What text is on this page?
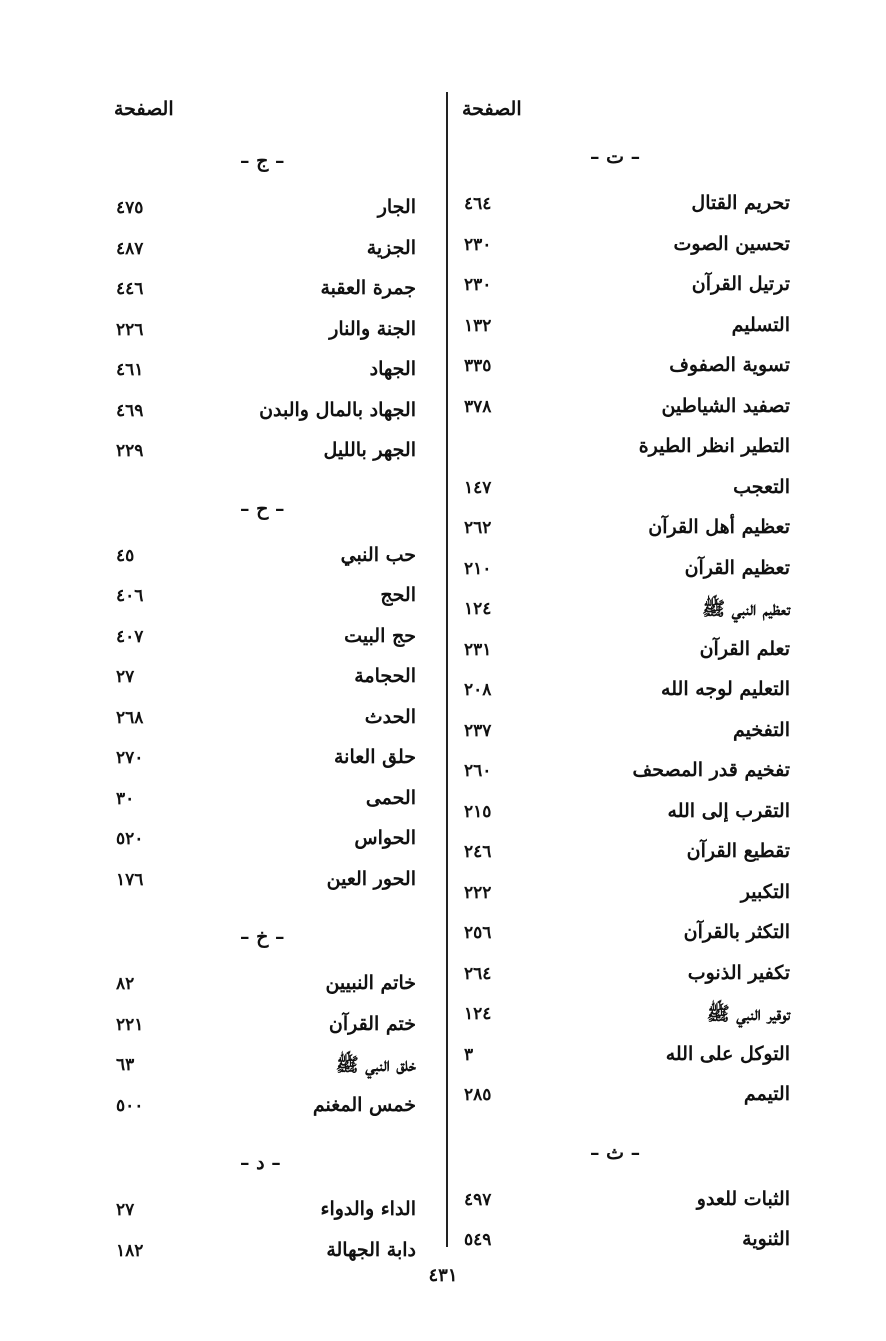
الصفحة
– ت –
تحريم القتال
٤٦٤
تحسين الصوت
٢٣٠
ترتيل القرآن
٢٣٠
التسليم
١٣٢
تسوية الصفوف
٣٣٥
تصفيد الشياطين
٣٧٨
التطير انظر الطيرة
التعجب
١٤٧
تعظيم أهل القرآن
٢٦٢
تعظيم القرآن
٢١٠
تعظيم النبي ﷺ
١٢٤
تعلم القرآن
٢٣١
التعليم لوجه الله
٢٠٨
التفخيم
٢٣٧
تفخيم قدر المصحف
٢٦٠
التقرب إلى الله
٢١٥
تقطيع القرآن
٢٤٦
التكبير
٢٢٢
التكثر بالقرآن
٢٥٦
تكفير الذنوب
٢٦٤
توقير النبي ﷺ
١٢٤
التوكل على الله
٣
التيمم
٢٨٥
– ث –
الثبات للعدو
٤٩٧
الثنوية
٥٤٩
الصفحة
– ج –
الجار
٤٧٥
الجزية
٤٨٧
جمرة العقبة
٤٤٦
الجنة والنار
٢٢٦
الجهاد
٤٦١
الجهاد بالمال والبدن
٤٦٩
الجهر بالليل
٢٢٩
– ح –
حب النبي
٤٥
الحج
٤٠٦
حج البيت
٤٠٧
الحجامة
٢٧
الحدث
٢٦٨
حلق العانة
٢٧٠
الحمى
٣٠
الحواس
٥٢٠
الحور العين
١٧٦
– خ –
خاتم النبيين
٨٢
ختم القرآن
٢٢١
خلق النبي ﷺ
٦٣
خمس المغنم
٥٠٠
– د –
الداء والدواء
٢٧
دابة الجهالة
١٨٢
٤٣١
